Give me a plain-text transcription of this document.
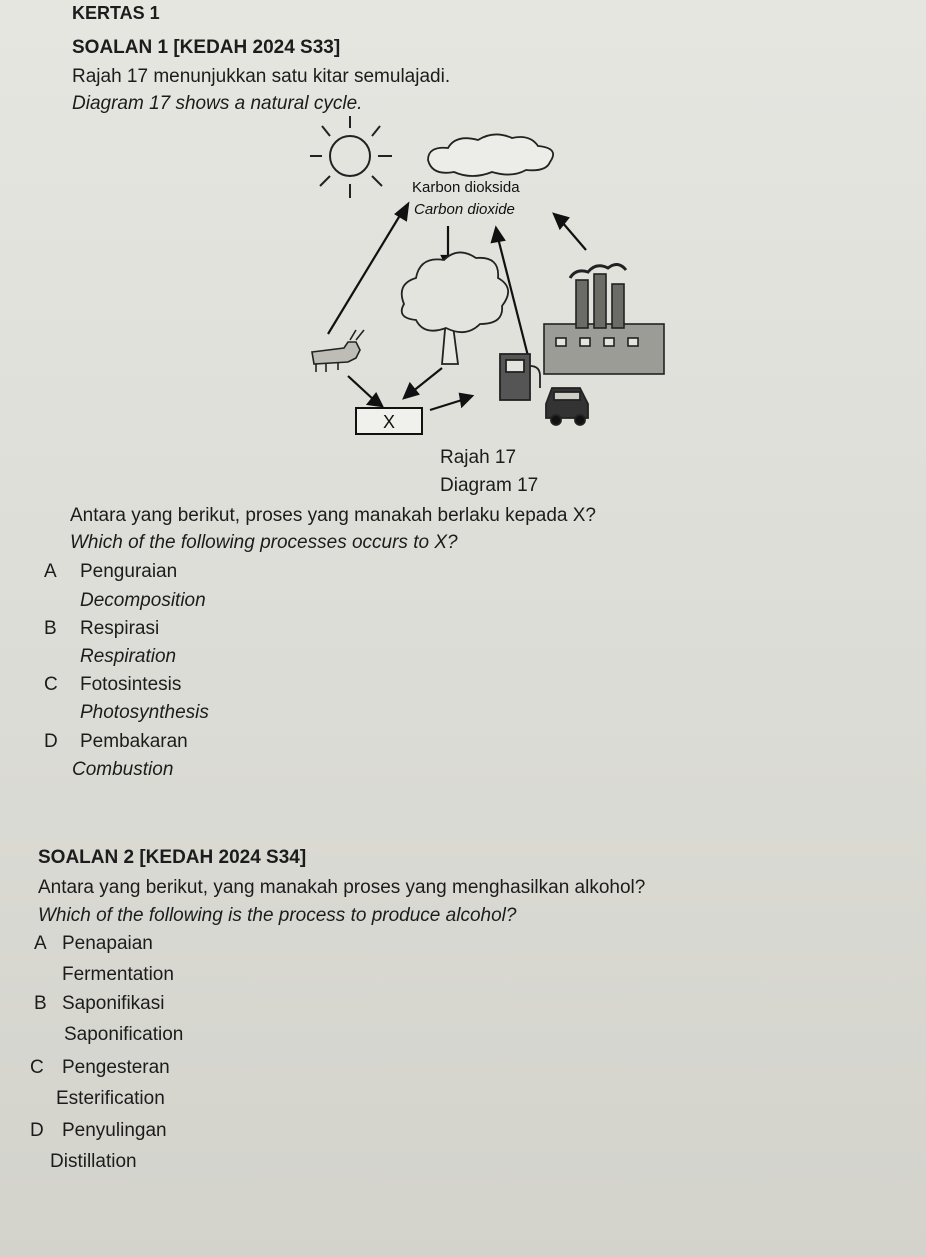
KERTAS 1
SOALAN 1 [KEDAH 2024 S33]
Rajah 17 menunjukkan satu kitar semulajadi.
Diagram 17 shows a natural cycle.
X
Karbon dioksida
Carbon dioxide
Rajah 17
Diagram 17
Antara yang berikut, proses yang manakah berlaku kepada X?
Which of the following processes occurs to X?
A Penguraian
Decomposition
B Respirasi
Respiration
C Fotosintesis
Photosynthesis
D Pembakaran
Combustion
SOALAN 2 [KEDAH 2024 S34]
Antara yang berikut, yang manakah proses yang menghasilkan alkohol?
Which of the following is the process to produce alcohol?
A Penapaian
Fermentation
B Saponifikasi
Saponification
C Pengesteran
Esterification
D Penyulingan
Distillation
